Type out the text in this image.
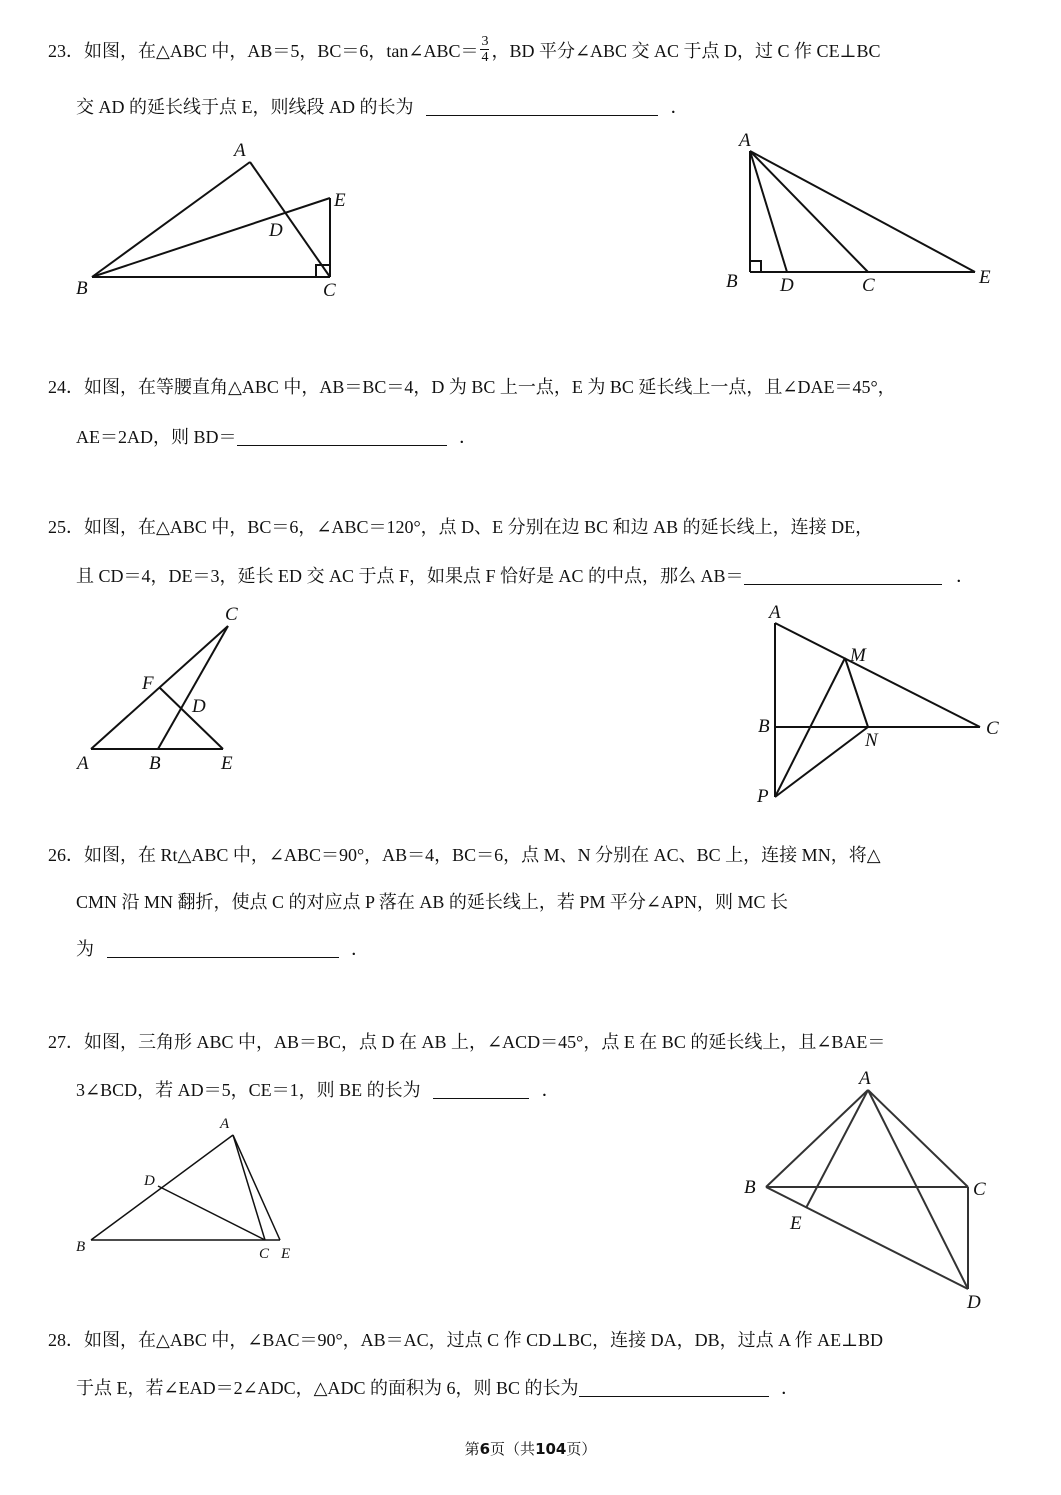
23．如图，在△ABC 中，AB＝5，BC＝6，tan∠ABC＝ $\frac{3}{4}$ ，BD 平分∠ABC 交 AC 于点 D，过 C 作 CE⊥BC
交 AD 的延长线于点 E，则线段 AD 的长为	．
A
B	C
D
E
A
B	C
D	E
24．如图，在等腰直角△ABC 中，AB＝BC＝4，D 为 BC 上一点，E 为 BC 延长线上一点，且∠DAE＝45°，
AE＝2AD，则 BD＝	．
25．如图，在△ABC 中，BC＝6，∠ABC＝120°，点 D、E 分别在边 BC 和边 AB 的延长线上，连接 DE，
且 CD＝4，DE＝3，延长 ED 交 AC 于点 F，如果点 F 恰好是 AC 的中点，那么 AB＝	．
C
F
D
A	B	E
A
M
B	C
N
P
26．如图，在 Rt△ABC 中，∠ABC＝90°，AB＝4，BC＝6，点 M、N 分别在 AC、BC 上，连接 MN，将△
CMN 沿 MN 翻折，使点 C 的对应点 P 落在 AB 的延长线上，若 PM 平分∠APN，则 MC 长
为	．
27．如图，三角形 ABC 中，AB＝BC，点 D 在 AB 上，∠ACD＝45°，点 E 在 BC 的延长线上，且∠BAE＝
3∠BCD，若 AD＝5，CE＝1，则 BE 的长为	．
A
D
B	C E
A
B	C
E
D
28．如图，在△ABC 中，∠BAC＝90°，AB＝AC，过点 C 作 CD⊥BC，连接 DA，DB，过点 A 作 AE⊥BD
于点 E，若∠EAD＝2∠ADC，△ADC 的面积为 6，则 BC 的长为	．
第6页（共104页）
